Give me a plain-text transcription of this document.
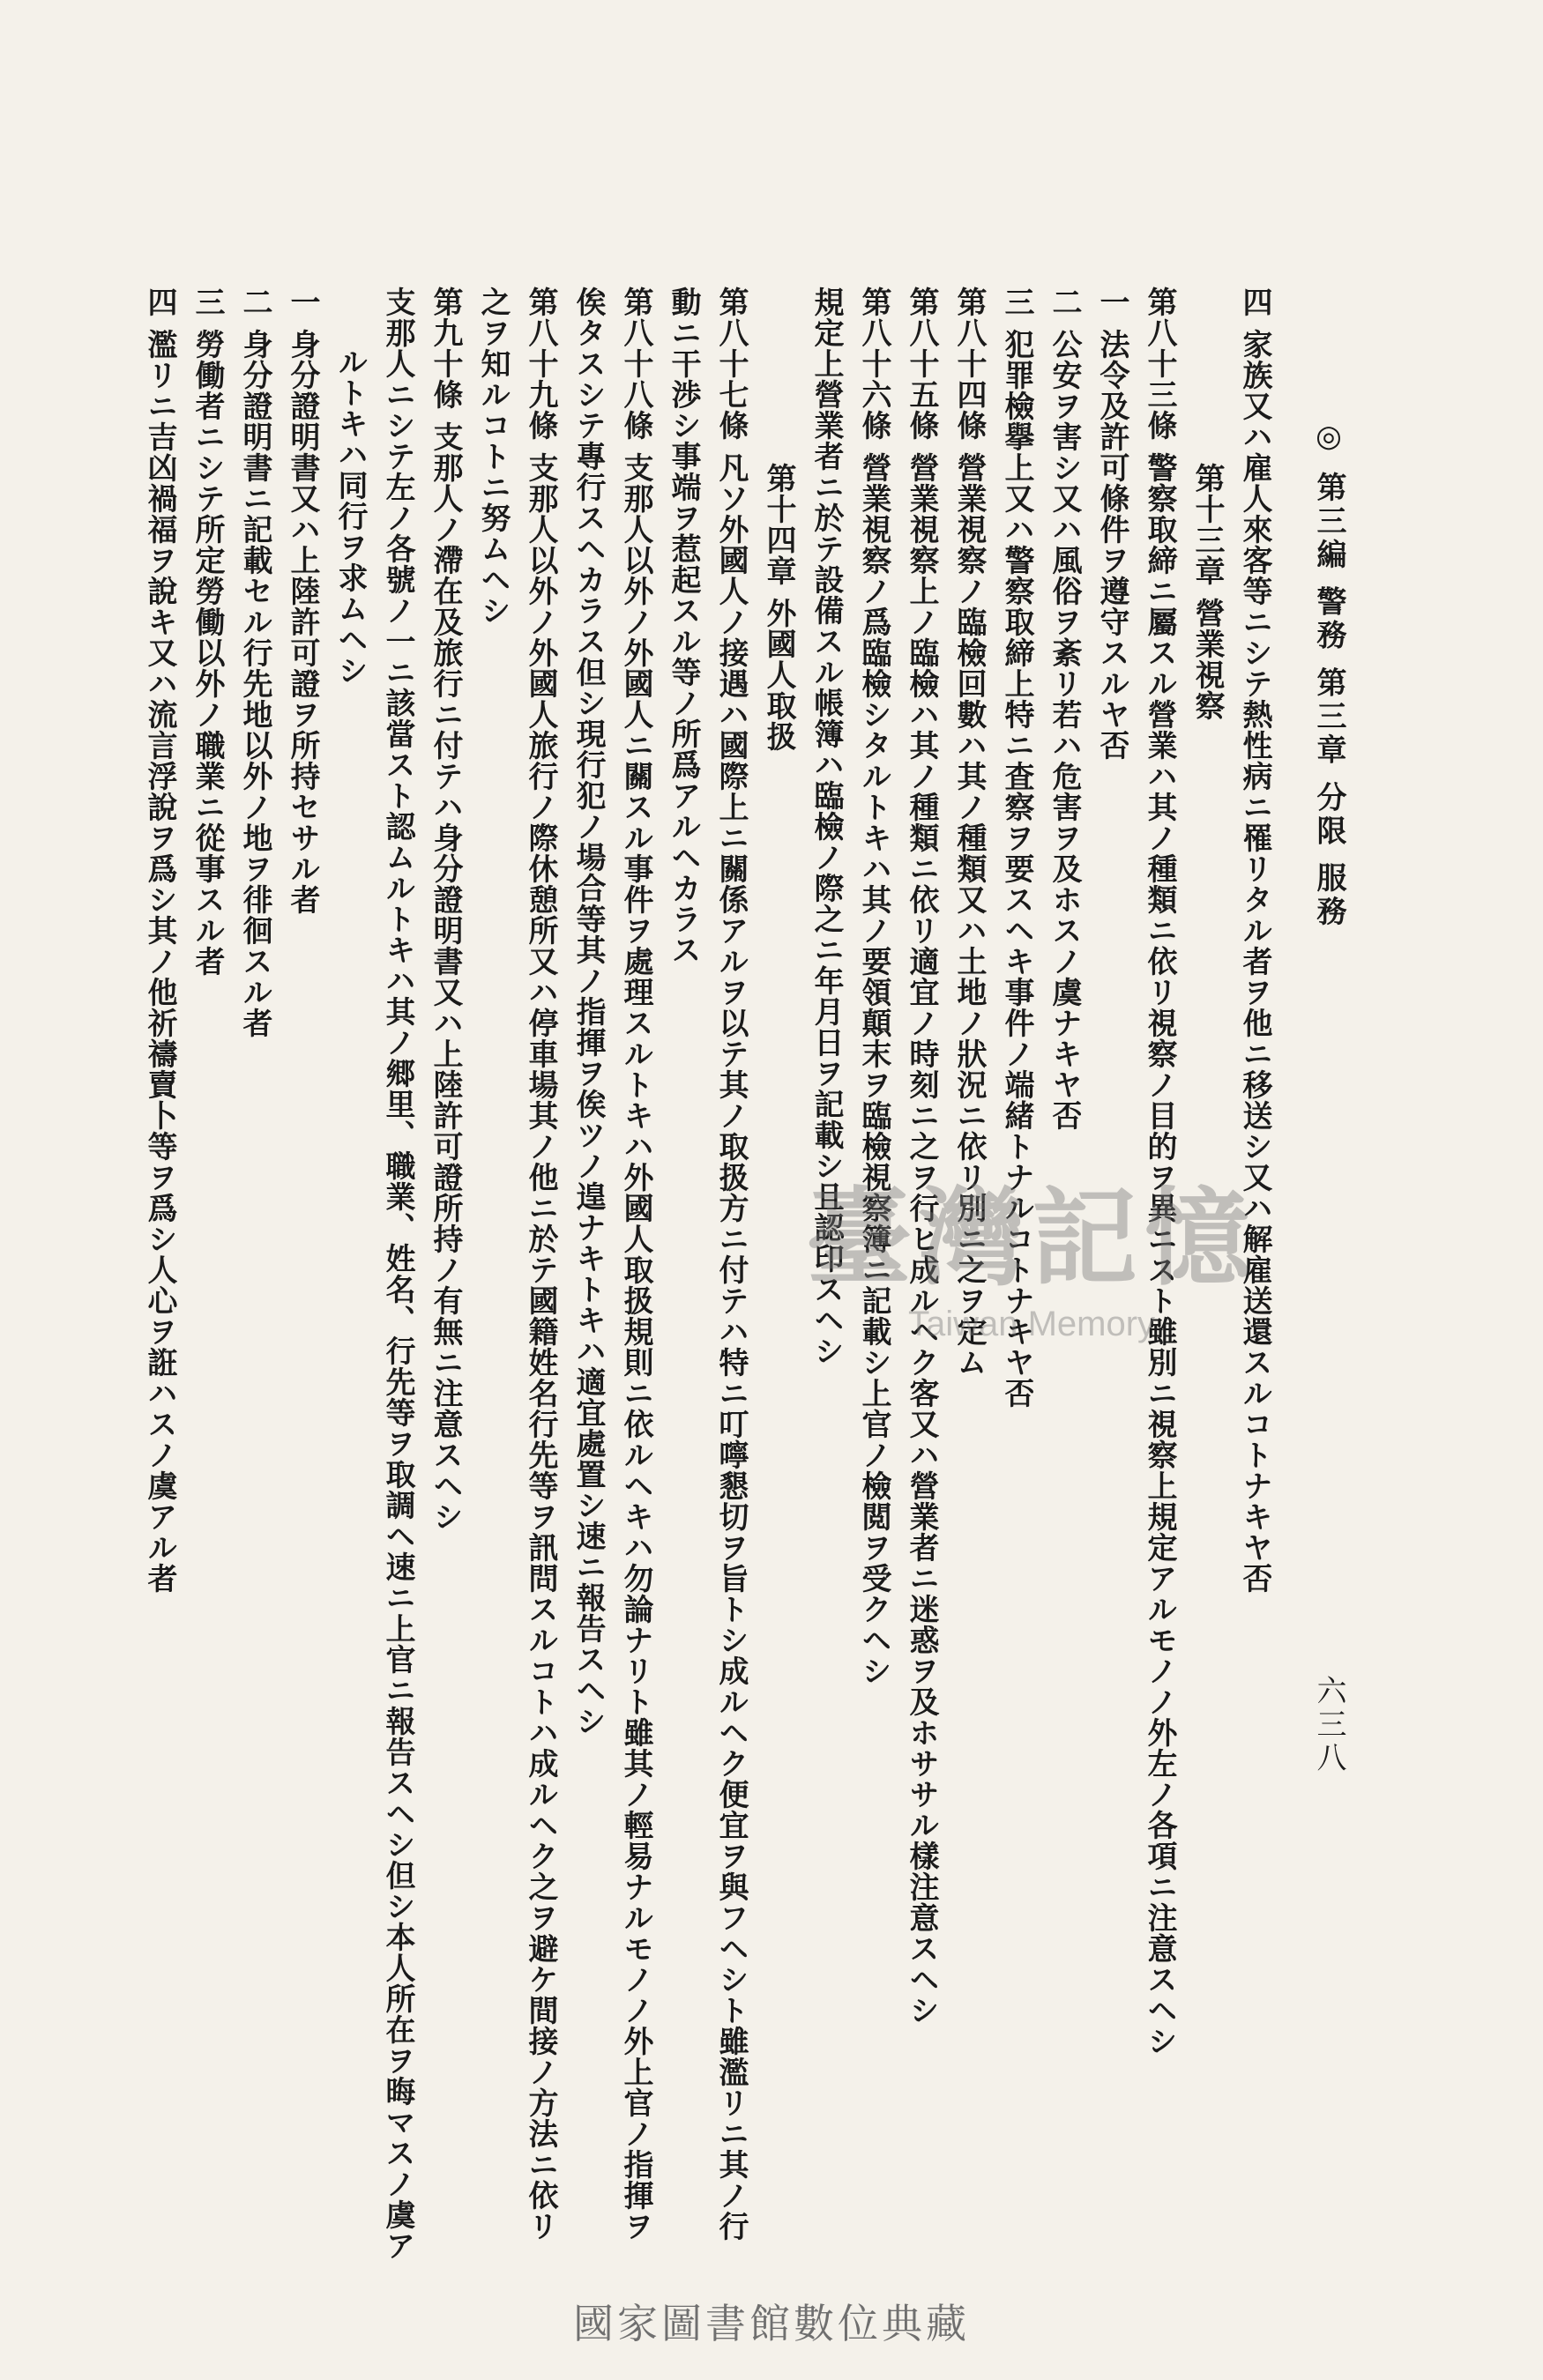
◎ 第三編 警務 第三章 分限 服務
六三八

四 家族又ハ雇人來客等ニシテ熱性病ニ罹リタル者ヲ他ニ移送シ又ハ解雇送還スルコトナキヤ否

第十三章 營業視察

第八十三條 警察取締ニ屬スル營業ハ其ノ種類ニ依リ視察ノ目的ヲ異ニスト雖別ニ視察上規定アルモノノ外左ノ各項ニ注意スヘシ

一 法令及許可條件ヲ遵守スルヤ否

二 公安ヲ害シ又ハ風俗ヲ紊リ若ハ危害ヲ及ホスノ虞ナキヤ否

三 犯罪檢擧上又ハ警察取締上特ニ査察ヲ要スヘキ事件ノ端緒トナルコトナキヤ否

第八十四條 營業視察ノ臨檢回數ハ其ノ種類又ハ土地ノ狀況ニ依リ別ニ之ヲ定ム

第八十五條 營業視察上ノ臨檢ハ其ノ種類ニ依リ適宜ノ時刻ニ之ヲ行ヒ成ルヘク客又ハ營業者ニ迷惑ヲ及ホササル樣注意スヘシ

第八十六條 營業視察ノ爲臨檢シタルトキハ其ノ要領顛末ヲ臨檢視察簿ニ記載シ上官ノ檢閲ヲ受クヘシ

規定上營業者ニ於テ設備スル帳簿ハ臨檢ノ際之ニ年月日ヲ記載シ且認印スヘシ

第十四章 外國人取扱

第八十七條 凡ソ外國人ノ接遇ハ國際上ニ關係アルヲ以テ其ノ取扱方ニ付テハ特ニ叮嚀懇切ヲ旨トシ成ルヘク便宜ヲ與フヘシト雖濫リニ其ノ行

動ニ干渉シ事端ヲ惹起スル等ノ所爲アルヘカラス

第八十八條 支那人以外ノ外國人ニ關スル事件ヲ處理スルトキハ外國人取扱規則ニ依ルヘキハ勿論ナリト雖其ノ輕易ナルモノノ外上官ノ指揮ヲ

俟タスシテ專行スヘカラス但シ現行犯ノ場合等其ノ指揮ヲ俟ツノ遑ナキトキハ適宜處置シ速ニ報告スヘシ

第八十九條 支那人以外ノ外國人旅行ノ際休憩所又ハ停車場其ノ他ニ於テ國籍姓名行先等ヲ訊問スルコトハ成ルヘク之ヲ避ケ間接ノ方法ニ依リ

之ヲ知ルコトニ努ムヘシ

第九十條 支那人ノ滯在及旅行ニ付テハ身分證明書又ハ上陸許可證所持ノ有無ニ注意スヘシ

支那人ニシテ左ノ各號ノ一ニ該當スト認ムルトキハ其ノ郷里、職業、姓名、行先等ヲ取調ヘ速ニ上官ニ報告スヘシ但シ本人所在ヲ晦マスノ虞ア

ルトキハ同行ヲ求ムヘシ

一 身分證明書又ハ上陸許可證ヲ所持セサル者

二 身分證明書ニ記載セル行先地以外ノ地ヲ徘徊スル者

三 勞働者ニシテ所定勞働以外ノ職業ニ從事スル者

四 濫リニ吉凶禍福ヲ說キ又ハ流言浮說ヲ爲シ其ノ他祈禱賣卜等ヲ爲シ人心ヲ誑ハスノ虞アル者	臺灣記憶
Taiwan Memory
國家圖書館數位典藏
